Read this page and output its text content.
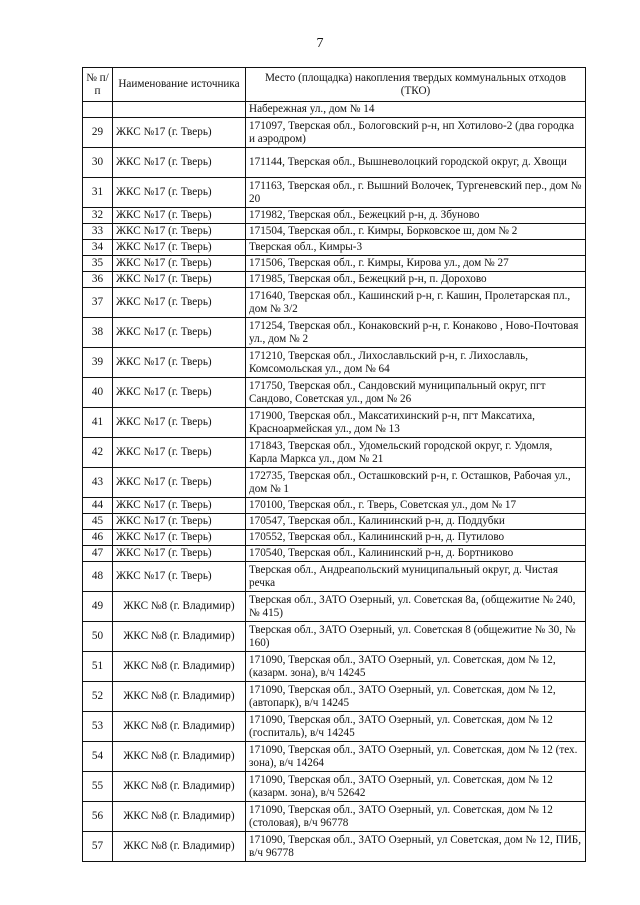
7
№ п/п	Наименование источника	Место (площадка) накопления твердых коммунальных отходов (ТКО)
		Набережная ул., дом № 14
29	ЖКС №17 (г. Тверь)	171097, Тверская обл., Бологовский р-н, нп Хотилово-2 (два городка и аэродром)
30	ЖКС №17 (г. Тверь)	171144, Тверская обл., Вышневолоцкий городской округ, д. Хвощи
31	ЖКС №17 (г. Тверь)	171163, Тверская обл., г. Вышний Волочек, Тургеневский пер., дом № 20
32	ЖКС №17 (г. Тверь)	171982, Тверская обл., Бежецкий р-н, д. Збуново
33	ЖКС №17 (г. Тверь)	171504, Тверская обл., г. Кимры, Борковское ш, дом № 2
34	ЖКС №17 (г. Тверь)	Тверская обл., Кимры-3
35	ЖКС №17 (г. Тверь)	171506, Тверская обл., г. Кимры, Кирова ул., дом № 27
36	ЖКС №17 (г. Тверь)	171985, Тверская обл., Бежецкий р-н, п. Дорохово
37	ЖКС №17 (г. Тверь)	171640, Тверская обл., Кашинский р-н, г. Кашин, Пролетарская пл., дом № 3/2
38	ЖКС №17 (г. Тверь)	171254, Тверская обл., Конаковский р-н, г. Конаково , Ново-Почтовая ул., дом № 2
39	ЖКС №17 (г. Тверь)	171210, Тверская обл., Лихославльский р-н, г. Лихославль, Комсомольская ул., дом № 64
40	ЖКС №17 (г. Тверь)	171750, Тверская обл., Сандовский муниципальный округ, пгт Сандово, Советская ул., дом № 26
41	ЖКС №17 (г. Тверь)	171900, Тверская обл., Максатихинский р-н, пгт Максатиха, Красноармейская ул., дом № 13
42	ЖКС №17 (г. Тверь)	171843, Тверская обл., Удомельский городской округ, г. Удомля, Карла Маркса ул., дом № 21
43	ЖКС №17 (г. Тверь)	172735, Тверская обл., Осташковский р-н, г. Осташков, Рабочая ул., дом № 1
44	ЖКС №17 (г. Тверь)	170100, Тверская обл., г. Тверь, Советская ул., дом № 17
45	ЖКС №17 (г. Тверь)	170547, Тверская обл., Калининский р-н, д. Поддубки
46	ЖКС №17 (г. Тверь)	170552, Тверская обл., Калининский р-н, д. Путилово
47	ЖКС №17 (г. Тверь)	170540, Тверская обл., Калининский р-н, д. Бортниково
48	ЖКС №17 (г. Тверь)	Тверская обл., Андреапольский муниципальный округ, д. Чистая речка
49	ЖКС №8 (г. Владимир)	Тверская обл., ЗАТО Озерный, ул. Советская 8а, (общежитие № 240, № 415)
50	ЖКС №8 (г. Владимир)	Тверская обл., ЗАТО Озерный, ул. Советская 8 (общежитие № 30, № 160)
51	ЖКС №8 (г. Владимир)	171090, Тверская обл., ЗАТО Озерный, ул. Советская, дом № 12, (казарм. зона), в/ч 14245
52	ЖКС №8 (г. Владимир)	171090, Тверская обл., ЗАТО Озерный, ул. Советская, дом № 12, (автопарк), в/ч 14245
53	ЖКС №8 (г. Владимир)	171090, Тверская обл., ЗАТО Озерный, ул. Советская, дом № 12 (госпиталь), в/ч 14245
54	ЖКС №8 (г. Владимир)	171090, Тверская обл., ЗАТО Озерный, ул. Советская, дом № 12 (тех. зона), в/ч 14264
55	ЖКС №8 (г. Владимир)	171090, Тверская обл., ЗАТО Озерный, ул. Советская, дом № 12 (казарм. зона), в/ч 52642
56	ЖКС №8 (г. Владимир)	171090, Тверская обл., ЗАТО Озерный, ул. Советская, дом № 12 (столовая), в/ч 96778
57	ЖКС №8 (г. Владимир)	171090, Тверская обл., ЗАТО Озерный, ул Советская, дом № 12, ПИБ, в/ч 96778
